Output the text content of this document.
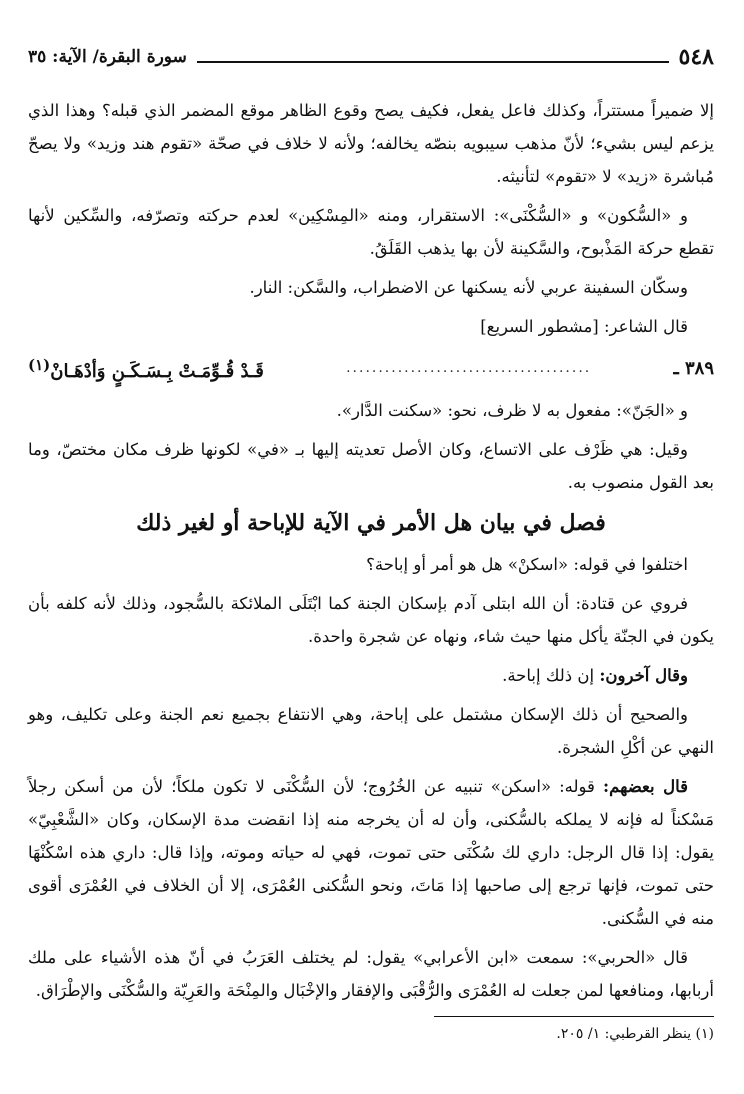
٥٤٨
سورة البقرة/ الآية: ٣٥

إلا ضميراً مستتراً، وكذلك فاعل يفعل، فكيف يصح وقوع الظاهر موقع المضمر الذي قبله؟ وهذا الذي يزعم ليس بشيء؛ لأنّ مذهب سيبويه بنصّه يخالفه؛ ولأنه لا خلاف في صحّة «تقوم هند وزيد» ولا يصحّ مُباشرة «زيد» لا «تقوم» لتأنيثه.

و «السُّكون» و «السُّكْنَى»: الاستقرار، ومنه «المِسْكِين» لعدم حركته وتصرّفه، والسِّكين لأنها تقطع حركة المَذْبوح، والسَّكينة لأن بها يذهب القَلَقُ.

وسكّان السفينة عربي لأنه يسكنها عن الاضطراب، والسَّكن: النار.

قال الشاعر: [مشطور السريع]

٣٨٩ ـ
......................................
قَـدْ قُـوِّمَـتْ بِـسَـكَـنٍ وَأدْهَـانْ$^{(١)}$

و «الجَنّ»: مفعول به لا ظرف، نحو: «سكنت الدَّار».

وقيل: هي ظَرْف على الاتساع، وكان الأصل تعديته إليها بـ «في» لكونها ظرف مكان مختصّ، وما بعد القول منصوب به.

فصل في بيان هل الأمر في الآية للإباحة أو لغير ذلك

اختلفوا في قوله: «اسكنْ» هل هو أمر أو إباحة؟

فروي عن قتادة: أن الله ابتلى آدم بإسكان الجنة كما ابْتَلَى الملائكة بالسُّجود، وذلك لأنه كلفه بأن يكون في الجنّة يأكل منها حيث شاء، ونهاه عن شجرة واحدة.

وقال آخرون: إن ذلك إباحة.

والصحيح أن ذلك الإسكان مشتمل على إباحة، وهي الانتفاع بجميع نعم الجنة وعلى تكليف، وهو النهي عن أكْلِ الشجرة.

قال بعضهم: قوله: «اسكن» تنبيه عن الخُرُوج؛ لأن السُّكْنَى لا تكون ملكاً؛ لأن من أسكن رجلاً مَسْكناً له فإنه لا يملكه بالسُّكنى، وأن له أن يخرجه منه إذا انقضت مدة الإسكان، وكان «الشَّعْبِيّ» يقول: إذا قال الرجل: داري لك سُكْنَى حتى تموت، فهي له حياته وموته، وإذا قال: داري هذه اسْكُنْهَا حتى تموت، فإنها ترجع إلى صاحبها إذا مَاتَ، ونحو السُّكنى العُمْرَى، إلا أن الخلاف في العُمْرَى أقوى منه في السُّكنى.

قال «الحربي»: سمعت «ابن الأعرابي» يقول: لم يختلف العَرَبُ في أنّ هذه الأشياء على ملك أربابها، ومنافعها لمن جعلت له العُمْرَى والرُّقْبَى والإفقار والإخْبَال والمِنْحَة والعَرِيّة والسُّكْنَى والإطْرَاق.

(١) ينظر القرطبي: ١/ ٢٠٥.
